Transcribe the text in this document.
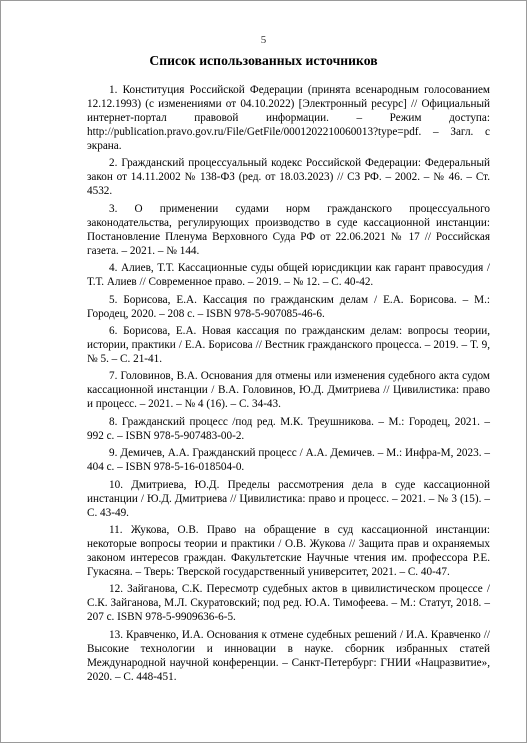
5
Список использованных источников
1. Конституция Российской Федерации (принята всенародным голосованием 12.12.1993) (с изменениями от 04.10.2022) [Электронный ресурс] // Официальный интернет-портал правовой информации. – Режим доступа: http://publication.pravo.gov.ru/File/GetFile/0001202210060013?type=pdf. – Загл. с экрана.
2. Гражданский процессуальный кодекс Российской Федерации: Федеральный закон от 14.11.2002 № 138-ФЗ (ред. от 18.03.2023) // СЗ РФ. – 2002. – № 46. – Ст. 4532.
3. О применении судами норм гражданского процессуального законодательства, регулирующих производство в суде кассационной инстанции: Постановление Пленума Верховного Суда РФ от 22.06.2021 № 17 // Российская газета. – 2021. – № 144.
4. Алиев, Т.Т. Кассационные суды общей юрисдикции как гарант правосудия / Т.Т. Алиев // Современное право. – 2019. – № 12. – С. 40-42.
5. Борисова, Е.А. Кассация по гражданским делам / Е.А. Борисова. – М.: Городец, 2020. – 208 с. – ISBN 978-5-907085-46-6.
6. Борисова, Е.А. Новая кассация по гражданским делам: вопросы теории, истории, практики / Е.А. Борисова // Вестник гражданского процесса. – 2019. – Т. 9, № 5. – С. 21-41.
7. Головинов, В.А. Основания для отмены или изменения судебного акта судом кассационной инстанции / В.А. Головинов, Ю.Д. Дмитриева // Цивилистика: право и процесс. – 2021. – № 4 (16). – С. 34-43.
8. Гражданский процесс /под ред. М.К. Треушникова. – М.: Городец, 2021. – 992 с. – ISBN 978-5-907483-00-2.
9. Демичев, А.А. Гражданский процесс / А.А. Демичев. – М.: Инфра-М, 2023. – 404 с. – ISBN 978-5-16-018504-0.
10. Дмитриева, Ю.Д. Пределы рассмотрения дела в суде кассационной инстанции / Ю.Д. Дмитриева // Цивилистика: право и процесс. – 2021. – № 3 (15). – С. 43-49.
11. Жукова, О.В. Право на обращение в суд кассационной инстанции: некоторые вопросы теории и практики / О.В. Жукова // Защита прав и охраняемых законом интересов граждан. Факультетские Научные чтения им. профессора Р.Е. Гукасяна. – Тверь: Тверской государственный университет, 2021. – С. 40-47.
12. Зайганова, С.К. Пересмотр судебных актов в цивилистическом процессе / С.К. Зайганова, М.Л. Скуратовский; под ред. Ю.А. Тимофеева. – М.: Статут, 2018. – 207 с. ISBN 978-5-9909636-6-5.
13. Кравченко, И.А. Основания к отмене судебных решений / И.А. Кравченко // Высокие технологии и инновации в науке. сборник избранных статей Международной научной конференции. – Санкт-Петербург: ГНИИ «Нацразвитие», 2020. – С. 448-451.
